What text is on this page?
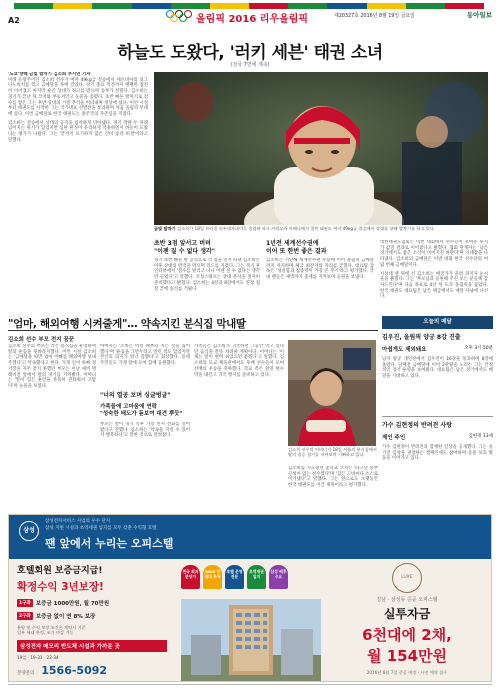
A2	올림픽 2016 리우올림픽	제20327호 2016년 8월 19일 금요일	동아일보
하늘도 도왔다, '러키 세븐' 태권 소녀
(전국 7면에 계속)
'도쿄'향해 금빛 발차기 김소희 부시연 기자
미래 유망주이던 김소희 선수가 여자 49kg급 결승에서 세르비아의 보그다노비치를 꺾고 금메달을 목에 걸었다. 경기 종료 직전까지 팽팽한 접전이 이어졌고 마지막 순간 상대가 경고를 받으며 승부가 갈렸다. 김소희는 경기가 끝난 뒤 코치와 부둥켜안고 눈물을 흘렸다. 초반 빠른 발차기로 점수를 쌓은 그는 후반 상대의 거센 추격을 버텨내며 정상에 섰다. 어린 시절부터 태권도를 시작한 그는 국가대표 선발전을 통과하며 처음 올림픽 무대에 섰다. 이번 금메달로 한국 태권도는 종주국의 자존심을 지켰다.
김소희는 결승에서 상대의 공격을 침착하게 막아냈다. 경기 막판 두 차례 넘어지는 위기가 있었지만 심판 판정이 유리하게 작용하면서 하늘이 도왔다는 평가가 나왔다. 그는 '끝까지 포기하지 않은 것이 승리 비결'이라고 말했다.
금빛 발차기 김소희가 18일 브라질 리우데자네이루 올림픽 파크 카리오카 아레나에서 열린 태권도 여자 49kg급 결승에서 상대를 향해 발차기를 하고 있다.
초반 3점 앞서고 버텨
"이젠 질 수 없다 생각"
경기 초반 빠른 발 공격으로 석 점을 먼저 따낸 김소희는 이후 상대의 반격을 막으며 리드를 지켰다. 그는 경기 후 인터뷰에서 '점수를 벌리고 나니 이젠 질 수 없다는 생각만 들었다'고 말했다. 코칭스태프는 상대 분석을 철저히 준비했다고 밝혔다. 김소희는 4강과 8강에서도 연장 접전 끝에 승리를 거뒀다.
1년전 세계선수권에
이어 또 한번 좋은 결과
김소희는 지난해 세계선수권 우승에 이어 올림픽 금메달까지 차지하며 체급 최강자의 자리를 굳혔다. 대표팀 감독은 '성실함과 집중력이 가장 큰 무기'라고 평가했다. 국내 팬들은 새벽까지 중계를 지켜보며 응원을 보냈다.
대한태권도협회는 이번 대회에서 선수들이 보여준 투지가 값진 결과로 이어졌다고 밝혔다. 협회 관계자는 '남은 경기에서도 좋은 소식이 이어지길 바란다'며 기대감을 나타냈다. 김소희의 금메달은 이번 대회 한국 선수단의 여덟 번째 금메달이다.
시상대 맨 위에 선 김소희는 애국가가 울려 퍼지자 눈시울을 붉혔다. 그는 '부모님과 응원해 주신 모든 분들께 감사드린다'며 다음 목표로 4년 뒤 도쿄 올림픽을 꼽았다. 한국 태권도 대표팀은 남은 체급에서도 메달 사냥에 나선다.
"엄마, 해외여행 시켜줄게"… 약속지킨 분식집 막내딸
김소희 선수 부모 전지 꿈꾼
김소희 선수의 부모는 작은 분식집을 운영하며 딸의 운동을 뒷바라지했다. 어린 시절 김소희는 '금메달을 따면 엄마 아빠를 해외여행 보내주겠다'고 약속했다고 한다. 가게 일이 바빠 경기장을 자주 찾지 못했던 부모는 이날 새벽 텔레비전 앞에서 딸의 경기를 지켜봤다. 어머니는 '딸이 힘든 훈련을 묵묵히 견뎌줘서 고맙다'며 눈물을 보였다.
아버지는 '소희는 어릴 때부터 지는 것을 싫어했다'며 '운동을 그만두라고 말린 적도 있었지만 본인의 의지가 워낙 강했다'고 회상했다. 동네 주민들도 가게 앞에 모여 함께 응원했다.
"너의 열공 보며 싱글벙글"
가족들에 고마움에 연락
"성숙한 태도가 돋보여 대견 뿌듯"
부모는 딸이 경기 직후 가장 먼저 전화를 걸어왔다고 전했다. 김소희는 '약속을 지킬 수 있어서 행복하다'고 말한 것으로 알려졌다.
가족들은 김소희가 귀국하면 그동안 먹고 싶다던 음식을 잔뜩 차려줄 계획이다. 어머니는 '이제는 딸이 편히 쉬었으면 좋겠다'고 말했다. 김소희의 모교 체육관에서도 후배 선수들이 모여 선배의 우승을 축하했다. 학교 측은 환영 현수막을 내걸고 귀국 행사를 준비하고 있다.
김소희 선수의 어머니가 18일 서울의 분식집에서 딸의 결승 경기를 지켜보며 기뻐하고 있다.
김소희를 지도했던 중학교 코치는 '타고난 승부 근성이 있는 선수였다'며 '힘든 고비마다 스스로 이겨냈다'고 말했다. 그는 앞으로도 오랫동안 한국 태권도를 이끌 재목이라고 평가했다.
오늘의 메달
김우진, 올림픽 양궁 8강 진출
아쉽게도 제외돼요	오후 3시 50분
남자 양궁 개인전에서 김우진이 16강을 통과하며 8강에 올랐다. 단체전 금메달에 이어 2관왕을 노리는 그는 안정적인 경기 운영을 보여줬다. 대표팀은 남은 경기에서도 메달을 기대하고 있다.
가수 김현정의 반려견 사랑
제인 주인	김현정 13세
가수 김현정이 반려견과 함께한 일상을 공개했다. 그는 유기견 입양을 권장하는 캠페인에도 참여하며 동물 보호 활동을 이어가고 있다.
삼성
삼성전자서비스 사업의 우수 단지
삼성 지원 시설과 초역세권 입지를 모두 갖춘 수익형 호텔
팬 앞에서 누리는 오피스텔
호텔회원 보증금지급!
확정수익 3년보장!
1구좌 보증금 1000만원, 월 70만원
2구좌 보증금 없이 연 8% 보장
분양 및 수익 보장 조건은 계약서 기준
일부 세대 한정, 조기 마감 가능
삼성전자 메모리 반도체 시설과 가까운 곳
19일 · 19-31 · 22-34
분양문의 1566-5092
전국 최저 분양가
3000 만원대 투자
호텔 운영 전문
초역세권 입지
삼성 배후 수요	LUXE
강남 · 삼성동 준공 오피스텔
실투자금
6천대에 2채,
월 154만원
2016년 8월 7일 준공 예정 · 사전 예약 접수
